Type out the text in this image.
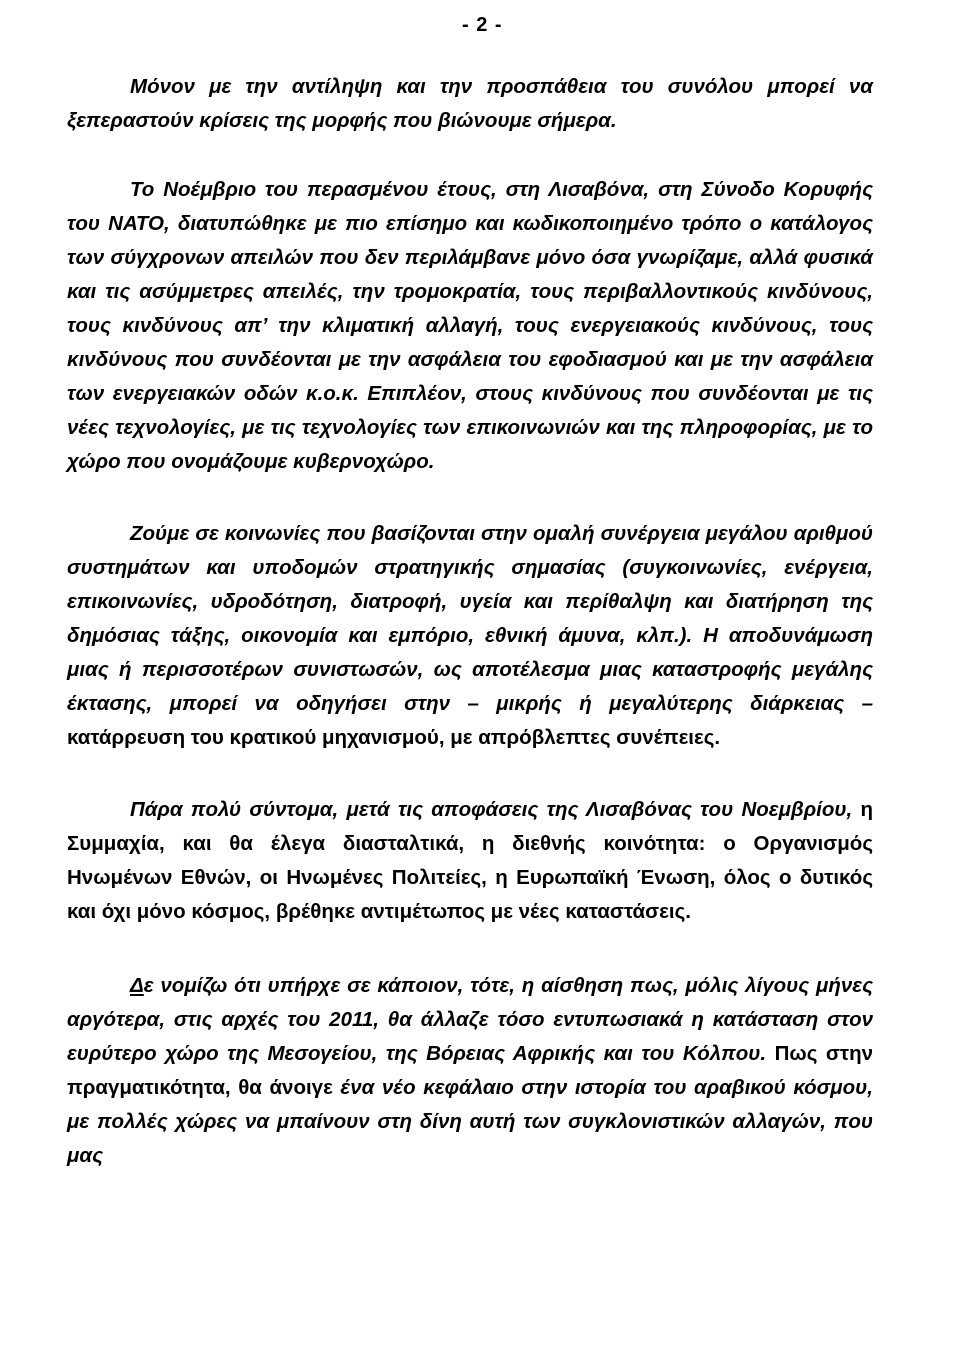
- 2 -

Μόνον με την αντίληψη και την προσπάθεια του συνόλου μπορεί να ξεπεραστούν κρίσεις της μορφής που βιώνουμε σήμερα.

Το Νοέμβριο του περασμένου έτους, στη Λισαβόνα, στη Σύνοδο Κορυφής του ΝΑΤΟ, διατυπώθηκε με πιο επίσημο και κωδικοποιημένο τρόπο ο κατάλογος των σύγχρονων απειλών που δεν περιλάμβανε μόνο όσα γνωρίζαμε, αλλά φυσικά και τις ασύμμετρες απειλές, την τρομοκρατία, τους περιβαλλοντικούς κινδύνους, τους κινδύνους απ’ την κλιματική αλλαγή, τους ενεργειακούς κινδύνους, τους κινδύνους που συνδέονται με την ασφάλεια του εφοδιασμού και με την ασφάλεια των ενεργειακών οδών κ.ο.κ. Επιπλέον, στους κινδύνους που συνδέονται με τις νέες τεχνολογίες, με τις τεχνολογίες των επικοινωνιών και της πληροφορίας, με το χώρο που ονομάζουμε κυβερνοχώρο.

Ζούμε σε κοινωνίες που βασίζονται στην ομαλή συνέργεια μεγάλου αριθμού συστημάτων και υποδομών στρατηγικής σημασίας (συγκοινωνίες, ενέργεια, επικοινωνίες, υδροδότηση, διατροφή, υγεία και περίθαλψη και διατήρηση της δημόσιας τάξης, οικονομία και εμπόριο, εθνική άμυνα, κλπ.). Η αποδυνάμωση μιας ή περισσοτέρων συνιστωσών, ως αποτέλεσμα μιας καταστροφής μεγάλης έκτασης, μπορεί να οδηγήσει στην – μικρής ή μεγαλύτερης διάρκειας – κατάρρευση του κρατικού μηχανισμού, με απρόβλεπτες συνέπειες.

Πάρα πολύ σύντομα, μετά τις αποφάσεις της Λισαβόνας του Νοεμβρίου, η Συμμαχία, και θα έλεγα διασταλτικά, η διεθνής κοινότητα: ο Οργανισμός Ηνωμένων Εθνών, οι Ηνωμένες Πολιτείες, η Ευρωπαϊκή Ένωση, όλος ο δυτικός και όχι μόνο κόσμος, βρέθηκε αντιμέτωπος με νέες καταστάσεις.

Δε νομίζω ότι υπήρχε σε κάποιον, τότε, η αίσθηση πως, μόλις λίγους μήνες αργότερα, στις αρχές του 2011, θα άλλαζε τόσο εντυπωσιακά η κατάσταση στον ευρύτερο χώρο της Μεσογείου, της Βόρειας Αφρικής και του Κόλπου. Πως στην πραγματικότητα, θα άνοιγε ένα νέο κεφάλαιο στην ιστορία του αραβικού κόσμου, με πολλές χώρες να μπαίνουν στη δίνη αυτή των συγκλονιστικών αλλαγών, που μας
